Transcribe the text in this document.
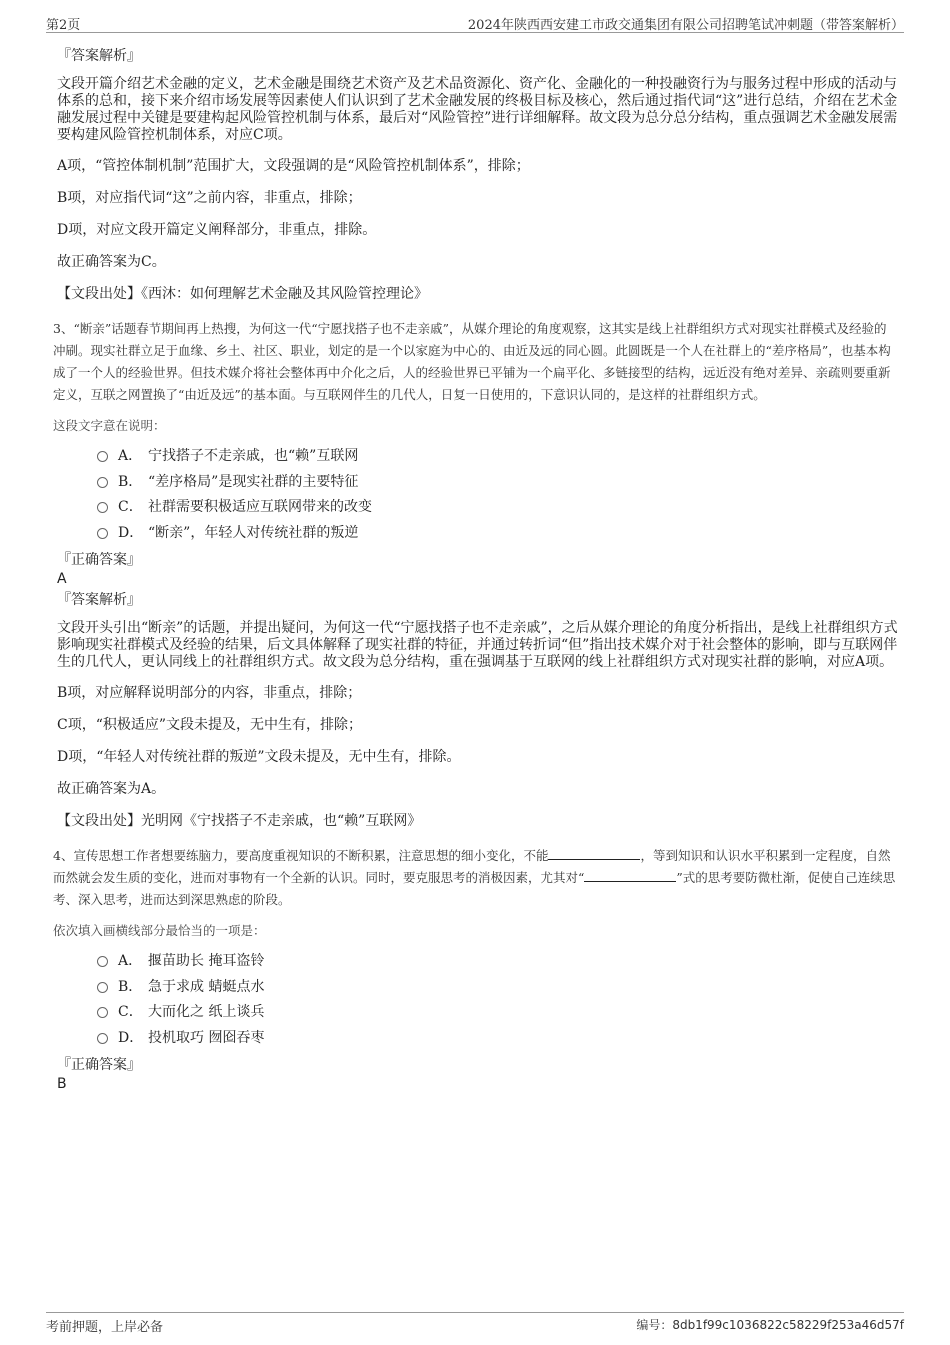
第2页	2024年陕西西安建工市政交通集团有限公司招聘笔试冲刺题（带答案解析）

『答案解析』

文段开篇介绍艺术金融的定义，艺术金融是围绕艺术资产及艺术品资源化、资产化、金融化的一种投融资行为与服务过程中形成的活动与体系的总和，接下来介绍市场发展等因素使人们认识到了艺术金融发展的终极目标及核心，然后通过指代词“这”进行总结，介绍在艺术金融发展过程中关键是要建构起风险管控机制与体系，最后对“风险管控”进行详细解释。故文段为总分总分结构，重点强调艺术金融发展需要构建风险管控机制体系，对应C项。

A项，“管控体制机制”范围扩大，文段强调的是“风险管控机制体系”，排除；

B项，对应指代词“这”之前内容，非重点，排除；

D项，对应文段开篇定义阐释部分，非重点，排除。

故正确答案为C。

【文段出处】《西沐：如何理解艺术金融及其风险管控理论》

3、“断亲”话题春节期间再上热搜，为何这一代“宁愿找搭子也不走亲戚”，从媒介理论的角度观察，这其实是线上社群组织方式对现实社群模式及经验的冲刷。现实社群立足于血缘、乡土、社区、职业，划定的是一个以家庭为中心的、由近及远的同心圆。此圆既是一个人在社群上的“差序格局”，也基本构成了一个人的经验世界。但技术媒介将社会整体再中介化之后，人的经验世界已平铺为一个扁平化、多链接型的结构，远近没有绝对差异、亲疏则要重新定义，互联之网置换了“由近及远”的基本面。与互联网伴生的几代人，日复一日使用的，下意识认同的，是这样的社群组织方式。

这段文字意在说明：

A． 宁找搭子不走亲戚，也“赖”互联网
B． “差序格局”是现实社群的主要特征
C． 社群需要积极适应互联网带来的改变
D． “断亲”，年轻人对传统社群的叛逆

『正确答案』

A

『答案解析』

文段开头引出“断亲”的话题，并提出疑问，为何这一代“宁愿找搭子也不走亲戚”，之后从媒介理论的角度分析指出，是线上社群组织方式影响现实社群模式及经验的结果，后文具体解释了现实社群的特征，并通过转折词“但”指出技术媒介对于社会整体的影响，即与互联网伴生的几代人，更认同线上的社群组织方式。故文段为总分结构，重在强调基于互联网的线上社群组织方式对现实社群的影响，对应A项。

B项，对应解释说明部分的内容，非重点，排除；

C项，“积极适应”文段未提及，无中生有，排除；

D项，“年轻人对传统社群的叛逆”文段未提及，无中生有，排除。

故正确答案为A。

【文段出处】光明网《宁找搭子不走亲戚，也“赖”互联网》

4、宣传思想工作者想要练脑力，要高度重视知识的不断积累，注意思想的细小变化，不能	，等到知识和认识水平积累到一定程度，自然而然就会发生质的变化，进而对事物有一个全新的认识。同时，要克服思考的消极因素，尤其对“	”式的思考要防微杜渐，促使自己连续思考、深入思考，进而达到深思熟虑的阶段。

依次填入画横线部分最恰当的一项是：

A． 揠苗助长 掩耳盗铃
B． 急于求成 蜻蜓点水
C． 大而化之 纸上谈兵
D． 投机取巧 囫囵吞枣

『正确答案』

B

考前押题，上岸必备	编号：8db1f99c1036822c58229f253a46d57f
